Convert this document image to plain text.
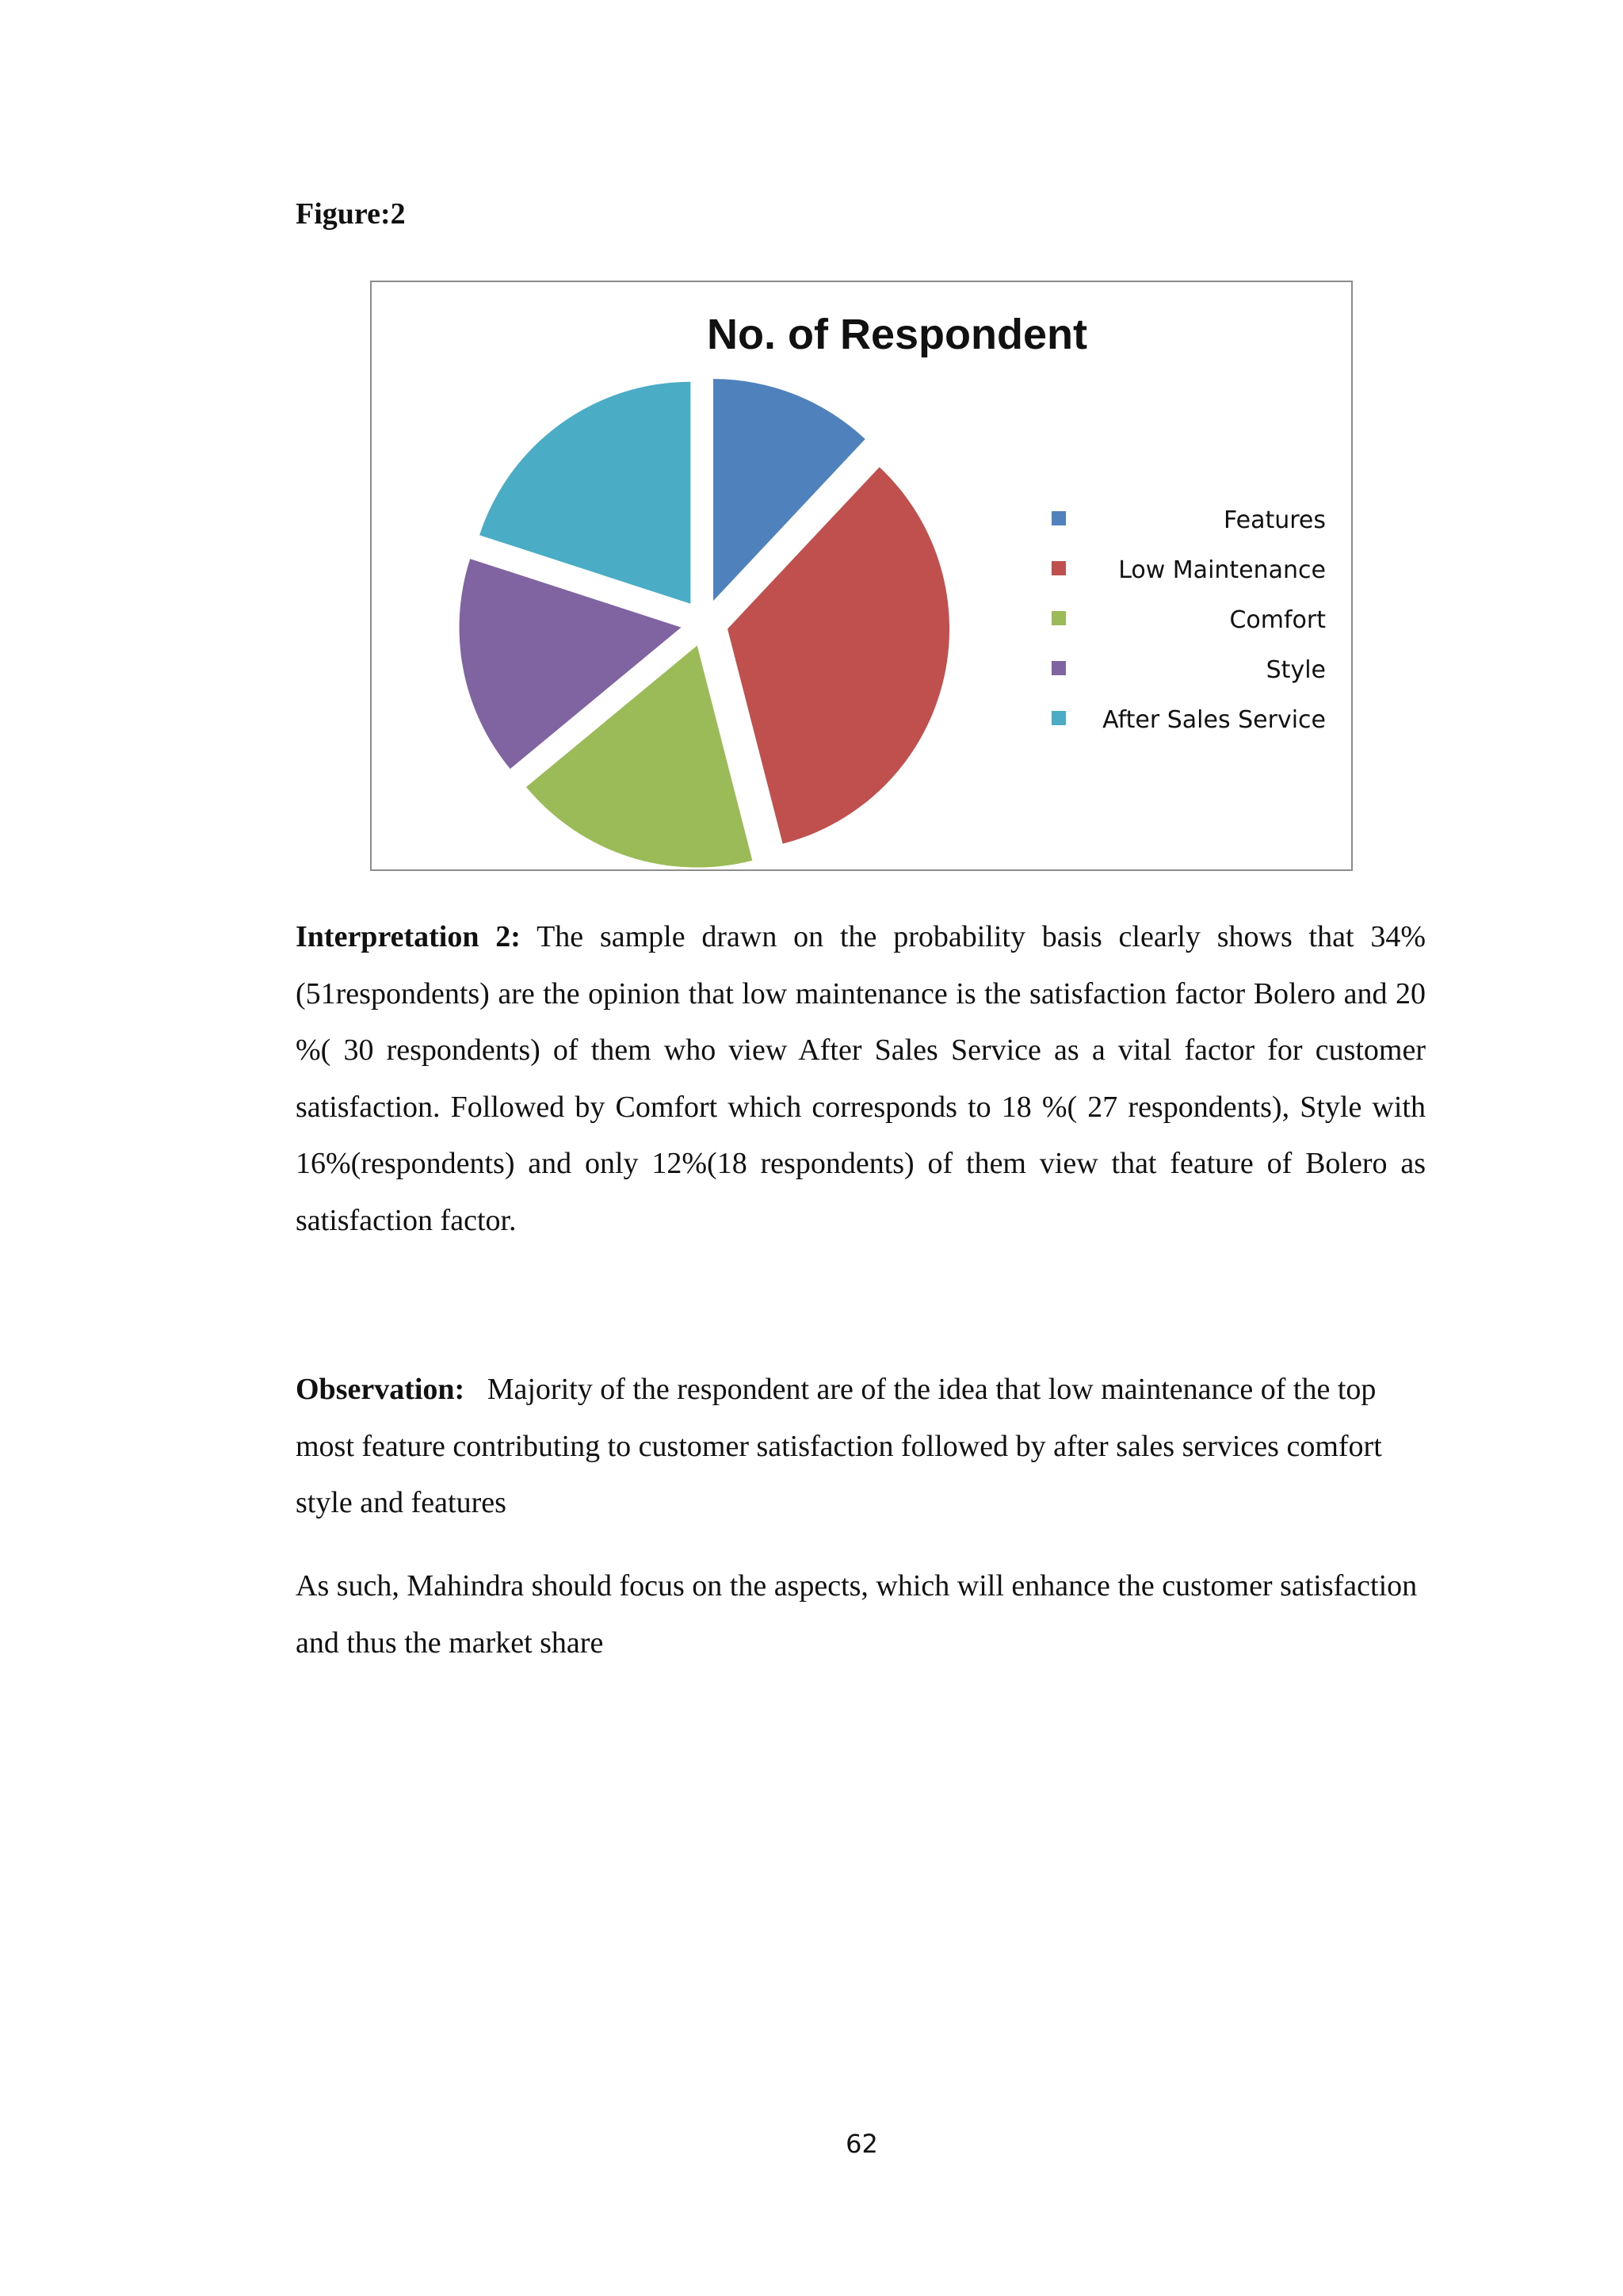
Figure:2
No. of Respondent
Features
Low Maintenance
Comfort
Style
After Sales Service

Interpretation 2: The sample drawn on the probability basis clearly shows that 34% (51respondents) are the opinion that low maintenance is the satisfaction factor Bolero and 20 %( 30 respondents) of them who view After Sales Service as a vital factor for customer satisfaction. Followed by Comfort which corresponds to 18 %( 27 respondents), Style with 16%(respondents) and only 12%(18 respondents) of them view that feature of Bolero as satisfaction factor.

Observation:   Majority of the respondent are of the idea that low maintenance of the top most feature contributing to customer satisfaction followed by after sales services comfort style and features

As such, Mahindra should focus on the aspects, which will enhance the customer satisfaction and thus the market share

62
